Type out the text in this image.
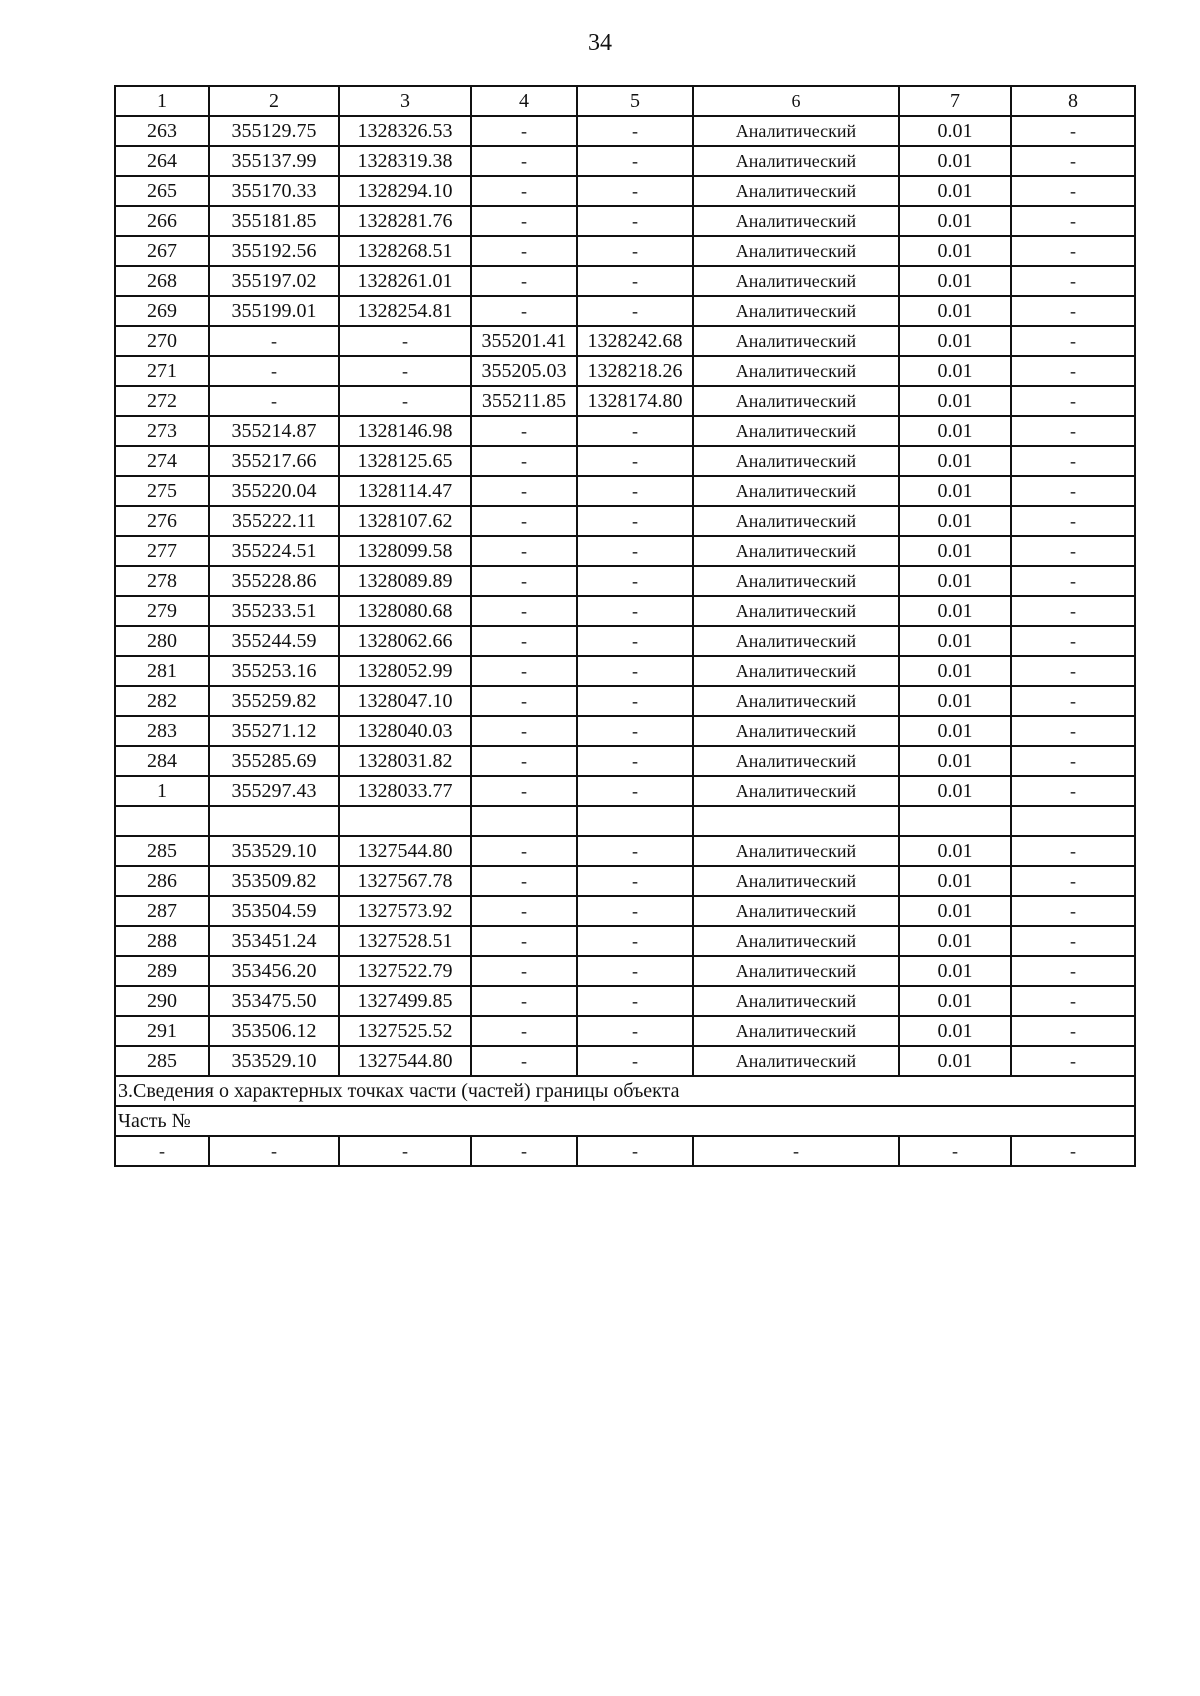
34
1	2	3	4	5	6	7	8
263	355129.75	1328326.53	-	-	Аналитический	0.01	-
264	355137.99	1328319.38	-	-	Аналитический	0.01	-
265	355170.33	1328294.10	-	-	Аналитический	0.01	-
266	355181.85	1328281.76	-	-	Аналитический	0.01	-
267	355192.56	1328268.51	-	-	Аналитический	0.01	-
268	355197.02	1328261.01	-	-	Аналитический	0.01	-
269	355199.01	1328254.81	-	-	Аналитический	0.01	-
270	-	-	355201.41	1328242.68	Аналитический	0.01	-
271	-	-	355205.03	1328218.26	Аналитический	0.01	-
272	-	-	355211.85	1328174.80	Аналитический	0.01	-
273	355214.87	1328146.98	-	-	Аналитический	0.01	-
274	355217.66	1328125.65	-	-	Аналитический	0.01	-
275	355220.04	1328114.47	-	-	Аналитический	0.01	-
276	355222.11	1328107.62	-	-	Аналитический	0.01	-
277	355224.51	1328099.58	-	-	Аналитический	0.01	-
278	355228.86	1328089.89	-	-	Аналитический	0.01	-
279	355233.51	1328080.68	-	-	Аналитический	0.01	-
280	355244.59	1328062.66	-	-	Аналитический	0.01	-
281	355253.16	1328052.99	-	-	Аналитический	0.01	-
282	355259.82	1328047.10	-	-	Аналитический	0.01	-
283	355271.12	1328040.03	-	-	Аналитический	0.01	-
284	355285.69	1328031.82	-	-	Аналитический	0.01	-
1	355297.43	1328033.77	-	-	Аналитический	0.01	-

285	353529.10	1327544.80	-	-	Аналитический	0.01	-
286	353509.82	1327567.78	-	-	Аналитический	0.01	-
287	353504.59	1327573.92	-	-	Аналитический	0.01	-
288	353451.24	1327528.51	-	-	Аналитический	0.01	-
289	353456.20	1327522.79	-	-	Аналитический	0.01	-
290	353475.50	1327499.85	-	-	Аналитический	0.01	-
291	353506.12	1327525.52	-	-	Аналитический	0.01	-
285	353529.10	1327544.80	-	-	Аналитический	0.01	-
3.Сведения о характерных точках части (частей) границы объекта							
Часть №							
-	-	-	-	-	-	-	-
